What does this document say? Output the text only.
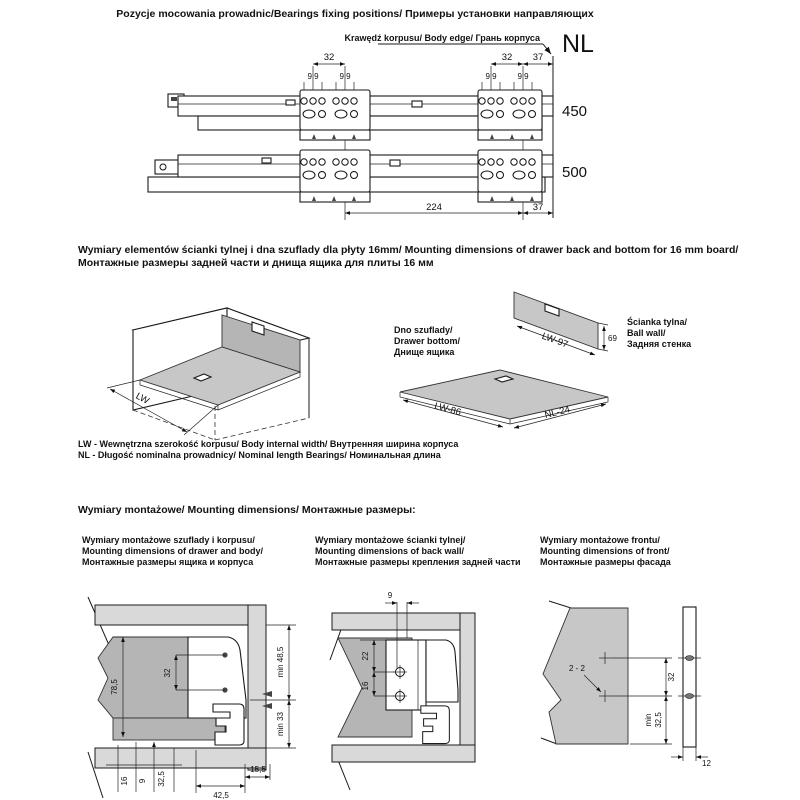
Pozycje mocowania prowadnic/Bearings fixing positions/ Примеры установки направляющих
Krawędź korpusu/ Body edge/ Грань корпуса NL
32	32 37
9 9	9 9	9 9	9 9
450
500
224	37
Wymiary elementów ścianki tylnej i dna szuflady dla płyty 16mm/ Mounting dimensions of drawer back and bottom for 16 mm board/
Монтажные размеры задней части и днища ящика для плиты 16 мм
LW
Dno szuflady/
Drawer bottom/
Днище ящика
Ścianka tylna/
Ball wall/
Задняя стенка
LW-97	69
LW-86	NL-24
LW - Wewnętrzna szerokość korpusu/ Body internal width/ Внутренняя ширина корпуса
NL - Długość nominalna prowadnicy/ Nominal length Bearings/ Номинальная длина
Wymiary montażowe/ Mounting dimensions/ Монтажные размеры:
Wymiary montażowe szuflady i korpusu/
Mounting dimensions of drawer and body/
Монтажные размеры ящика и корпуса
Wymiary montażowe ścianki tylnej/
Mounting dimensions of back wall/
Монтажные размеры крепления задней части
Wymiary montażowe frontu/
Mounting dimensions of front/
Монтажные размеры фасада
32
78,5
min 48,5
min 33
16 9 32,5
42,5
15,5
9
22
16
2 - 2
32
min 32,5
12
